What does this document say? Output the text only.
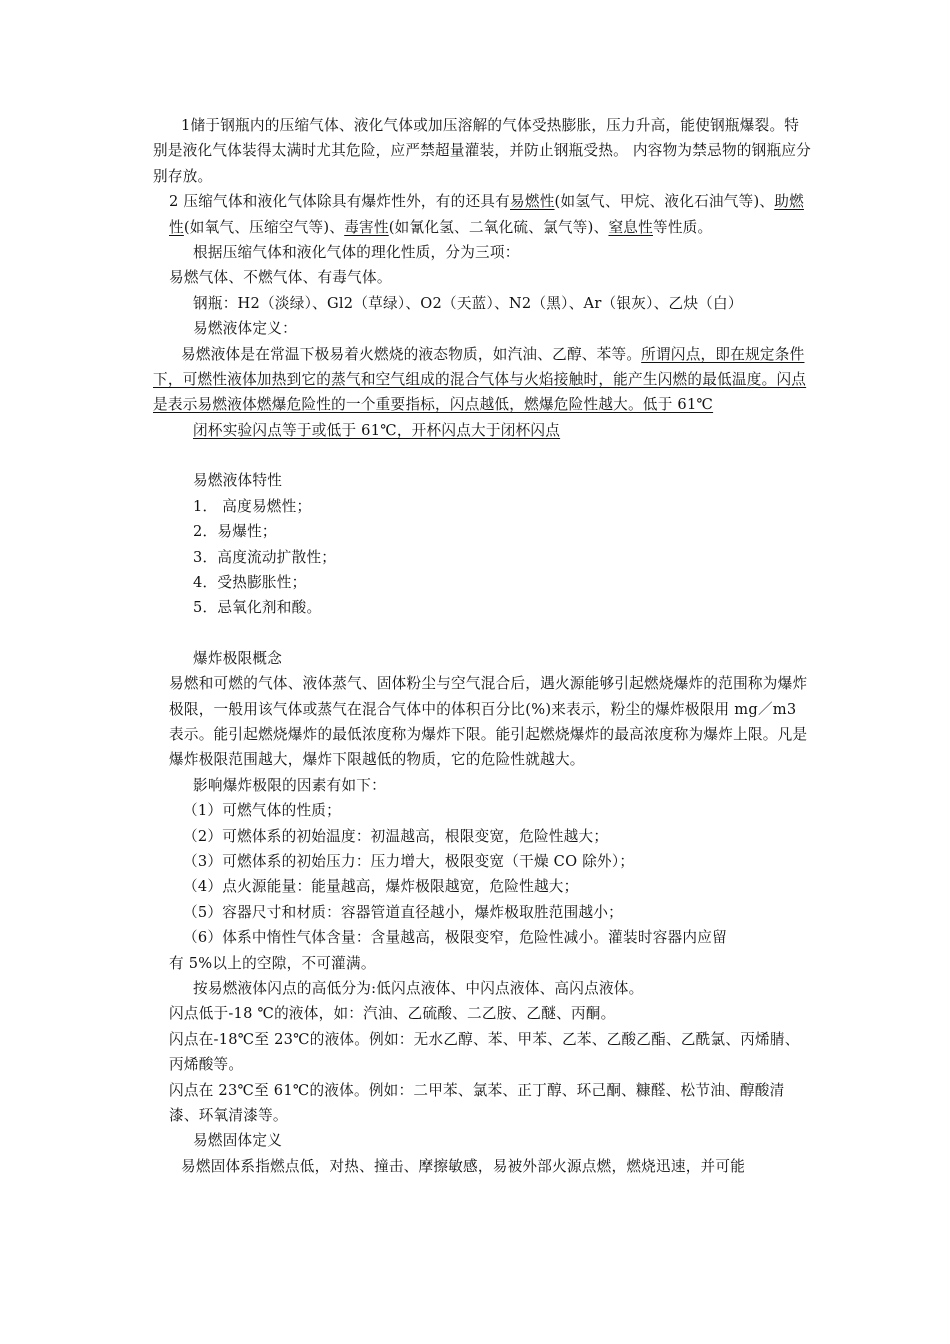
1储于钢瓶内的压缩气体、液化气体或加压溶解的气体受热膨胀，压力升高，能使钢瓶爆裂。特别是液化气体装得太满时尤其危险，应严禁超量灌装，并防止钢瓶受热。 内容物为禁忌物的钢瓶应分别存放。

2 压缩气体和液化气体除具有爆炸性外，有的还具有易燃性(如氢气、甲烷、液化石油气等)、助燃性(如氧气、压缩空气等)、毒害性(如氰化氢、二氧化硫、氯气等)、窒息性等性质。

根据压缩气体和液化气体的理化性质，分为三项：

易燃气体、不燃气体、有毒气体。

钢瓶：H2（淡绿）、Gl2（草绿）、O2（天蓝）、N2（黑）、Ar（银灰）、乙炔（白）

易燃液体定义：

易燃液体是在常温下极易着火燃烧的液态物质，如汽油、乙醇、苯等。所谓闪点，即在规定条件下，可燃性液体加热到它的蒸气和空气组成的混合气体与火焰接触时，能产生闪燃的最低温度。闪点是表示易燃液体燃爆危险性的一个重要指标，闪点越低，燃爆危险性越大。低于 61℃

闭杯实验闪点等于或低于 61℃，开杯闪点大于闭杯闪点

易燃液体特性

1． 高度易燃性；

2．易爆性；

3．高度流动扩散性；

4．受热膨胀性；

5．忌氧化剂和酸。

爆炸极限概念

易燃和可燃的气体、液体蒸气、固体粉尘与空气混合后，遇火源能够引起燃烧爆炸的范围称为爆炸极限，一般用该气体或蒸气在混合气体中的体积百分比(%)来表示，粉尘的爆炸极限用 mg／m3 表示。能引起燃烧爆炸的最低浓度称为爆炸下限。能引起燃烧爆炸的最高浓度称为爆炸上限。凡是爆炸极限范围越大，爆炸下限越低的物质，它的危险性就越大。

影响爆炸极限的因素有如下：

（1）可燃气体的性质；

（2）可燃体系的初始温度：初温越高，根限变宽，危险性越大；

（3）可燃体系的初始压力：压力增大，极限变宽（干燥 CO 除外）；

（4）点火源能量：能量越高，爆炸极限越宽，危险性越大；

（5）容器尺寸和材质：容器管道直径越小，爆炸极取胜范围越小；

（6）体系中惰性气体含量：含量越高，极限变窄，危险性减小。灌装时容器内应留

有 5%以上的空隙，不可灌满。

按易燃液体闪点的高低分为:低闪点液体、中闪点液体、高闪点液体。

闪点低于-18 ℃的液体，如：汽油、乙硫酸、二乙胺、乙醚、丙酮。

闪点在-18℃至 23℃的液体。例如：无水乙醇、苯、甲苯、乙苯、乙酸乙酯、乙酰氯、丙烯腈、丙烯酸等。

闪点在 23℃至 61℃的液体。例如：二甲苯、氯苯、正丁醇、环己酮、糠醛、松节油、醇酸清漆、环氧清漆等。

易燃固体定义

易燃固体系指燃点低，对热、撞击、摩擦敏感，易被外部火源点燃，燃烧迅速，并可能
